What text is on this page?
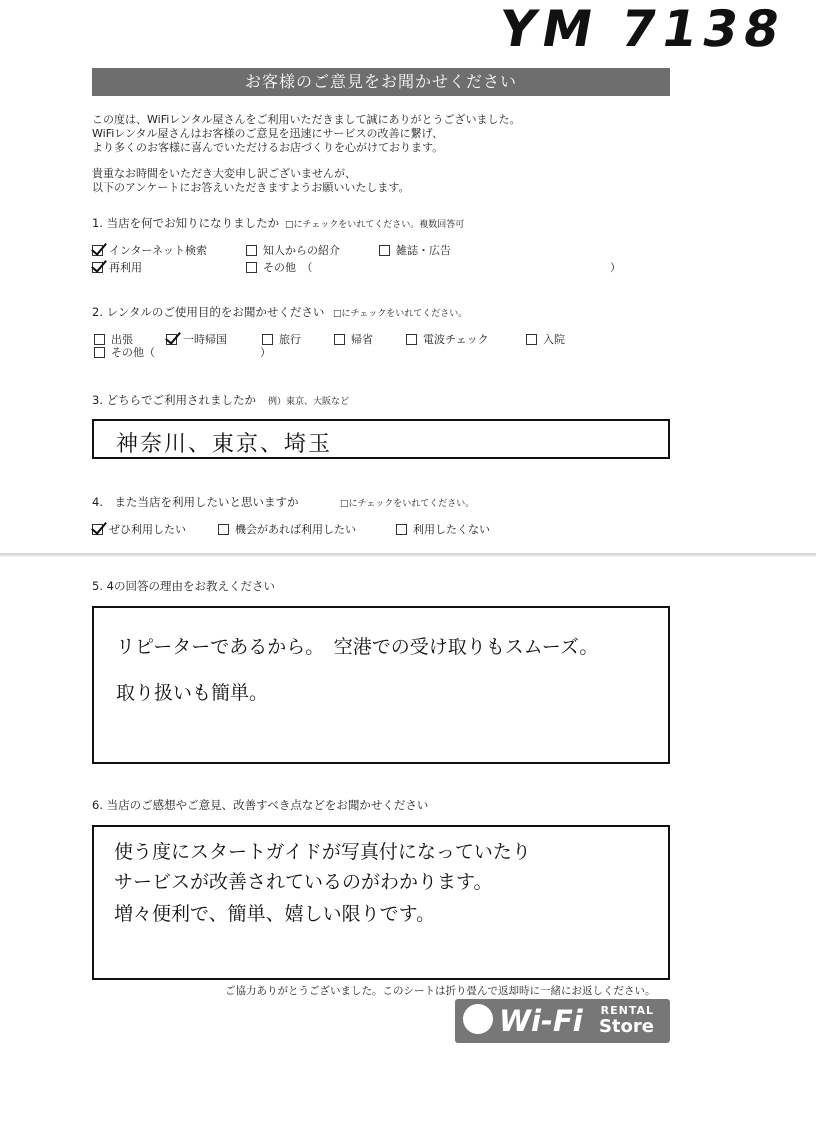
YM 7138
お客様のご意見をお聞かせください

この度は、WiFiレンタル屋さんをご利用いただきまして誠にありがとうございました。

WiFiレンタル屋さんはお客様のご意見を迅速にサービスの改善に繋げ、

より多くのお客様に喜んでいただけるお店づくりを心がけております。

貴重なお時間をいただき大変申し訳ございませんが、

以下のアンケートにお答えいただきますようお願いいたします。

1. 当店を何でお知りになりましたか □にチェックをいれてください。複数回答可
インターネット検索	知人からの紹介	雑誌・広告
再利用	その他　（	）
2. レンタルのご使用目的をお聞かせください □にチェックをいれてください。
出張	一時帰国	旅行	帰省	電波チェック	入院
その他（	）
3. どちらでご利用されましたか 例）東京、大阪など
神奈川、東京、埼玉
4.　また当店を利用したいと思いますか	□にチェックをいれてください。
ぜひ利用したい	機会があれば利用したい	利用したくない
5. 4の回答の理由をお教えください
リピーターであるから。　空港での受け取りもスムーズ。
取り扱いも簡単。
6. 当店のご感想やご意見、改善すべき点などをお聞かせください
使う度にスタートガイドが写真付になっていたり
サービスが改善されているのがわかります。
増々便利で、簡単、嬉しい限りです。
ご協力ありがとうございました。このシートは折り畳んで返却時に一緒にお返しください。
Wi-Fi RENTAL
Store
